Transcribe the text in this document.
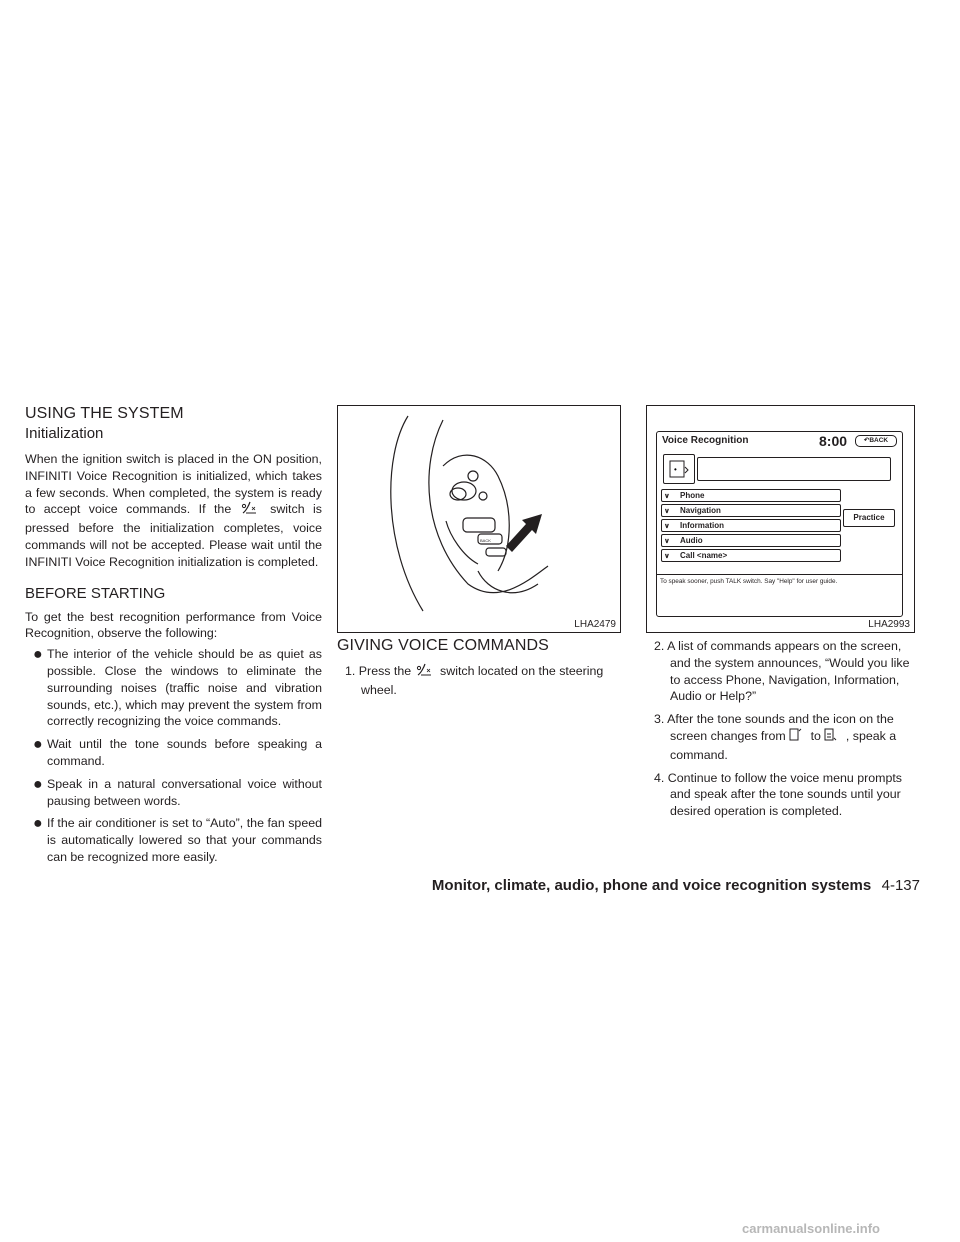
USING THE SYSTEM
Initialization

When the ignition switch is placed in the ON position, INFINITI Voice Recognition is initialized, which takes a few seconds. When completed, the system is ready to accept voice commands. If the	switch is pressed before the initialization completes, voice commands will not be accepted. Please wait until the INFINITI Voice Recognition initialization is completed.

BEFORE STARTING

To get the best recognition performance from Voice Recognition, observe the following:

● The interior of the vehicle should be as quiet as possible. Close the windows to eliminate the surrounding noises (traffic noise and vibration sounds, etc.), which may prevent the system from correctly recognizing the voice commands.

● Wait until the tone sounds before speaking a command.

● Speak in a natural conversational voice without pausing between words.

● If the air conditioner is set to “Auto”, the fan speed is automatically lowered so that your commands can be recognized more easily.

BACK
LHA2479
GIVING VOICE COMMANDS
1. Press the switch located on the steering wheel.
Voice Recognition	8:00	↶BACK
•
𝐯 Phone
𝐯 Navigation
𝐯 Information
𝐯 Audio
𝐯 Call <name>
Practice
To speak sooner, push TALK switch. Say "Help" for user guide.
LHA2993
2. A list of commands appears on the screen, and the system announces, “Would you like to access Phone, Navigation, Information, Audio or Help?”
3. After the tone sounds and the icon on the screen changes from to , speak a command.
4. Continue to follow the voice menu prompts and speak after the tone sounds until your desired operation is completed.
Monitor, climate, audio, phone and voice recognition systems 4-137
carmanualsonline.info
